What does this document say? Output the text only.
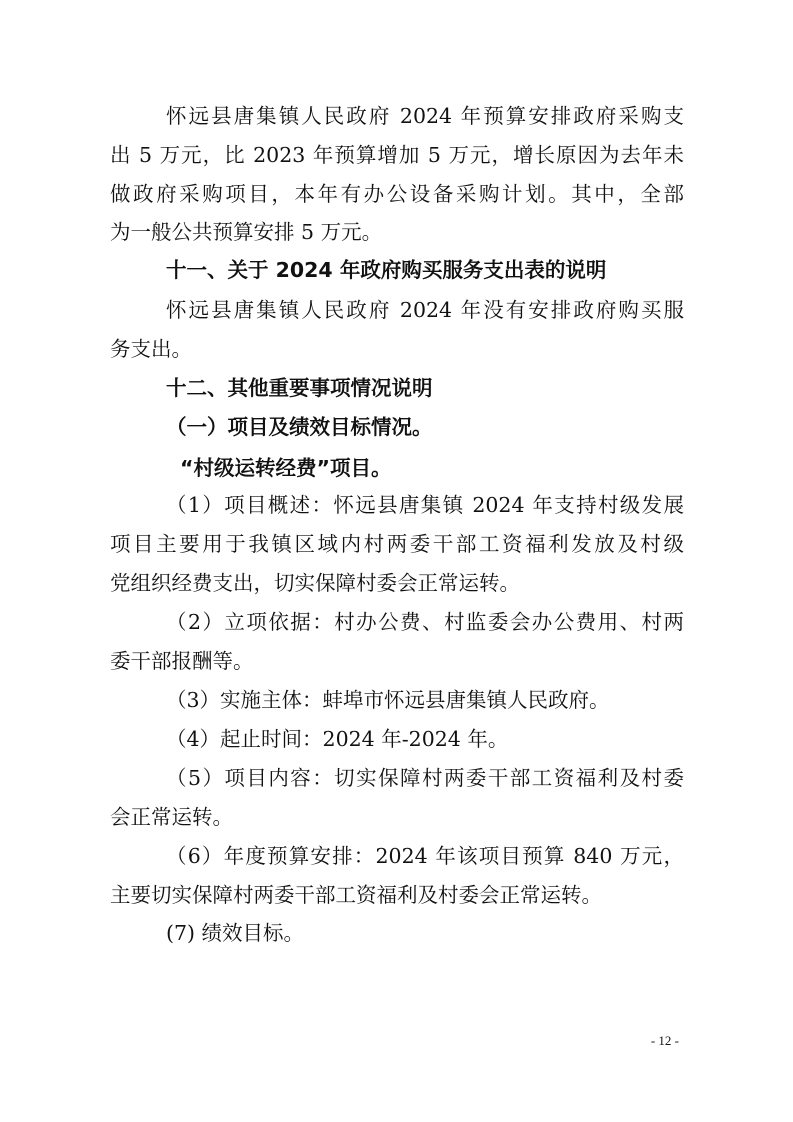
怀远县唐集镇人民政府 2024 年预算安排政府采购支
出 5 万元，比 2023 年预算增加 5 万元，增长原因为去年未
做政府采购项目，本年有办公设备采购计划。其中，全部
为一般公共预算安排 5 万元。
十一、关于 2024 年政府购买服务支出表的说明
怀远县唐集镇人民政府 2024 年没有安排政府购买服
务支出。
十二、其他重要事项情况说明
（一）项目及绩效目标情况。
“村级运转经费”项目。
（1）项目概述：怀远县唐集镇 2024 年支持村级发展
项目主要用于我镇区域内村两委干部工资福利发放及村级
党组织经费支出，切实保障村委会正常运转。
（2）立项依据：村办公费、村监委会办公费用、村两
委干部报酬等。
（3）实施主体：蚌埠市怀远县唐集镇人民政府。
（4）起止时间：2024 年-2024 年。
（5）项目内容：切实保障村两委干部工资福利及村委
会正常运转。
（6）年度预算安排：2024 年该项目预算 840 万元，
主要切实保障村两委干部工资福利及村委会正常运转。
(7) 绩效目标。
- 12 -
